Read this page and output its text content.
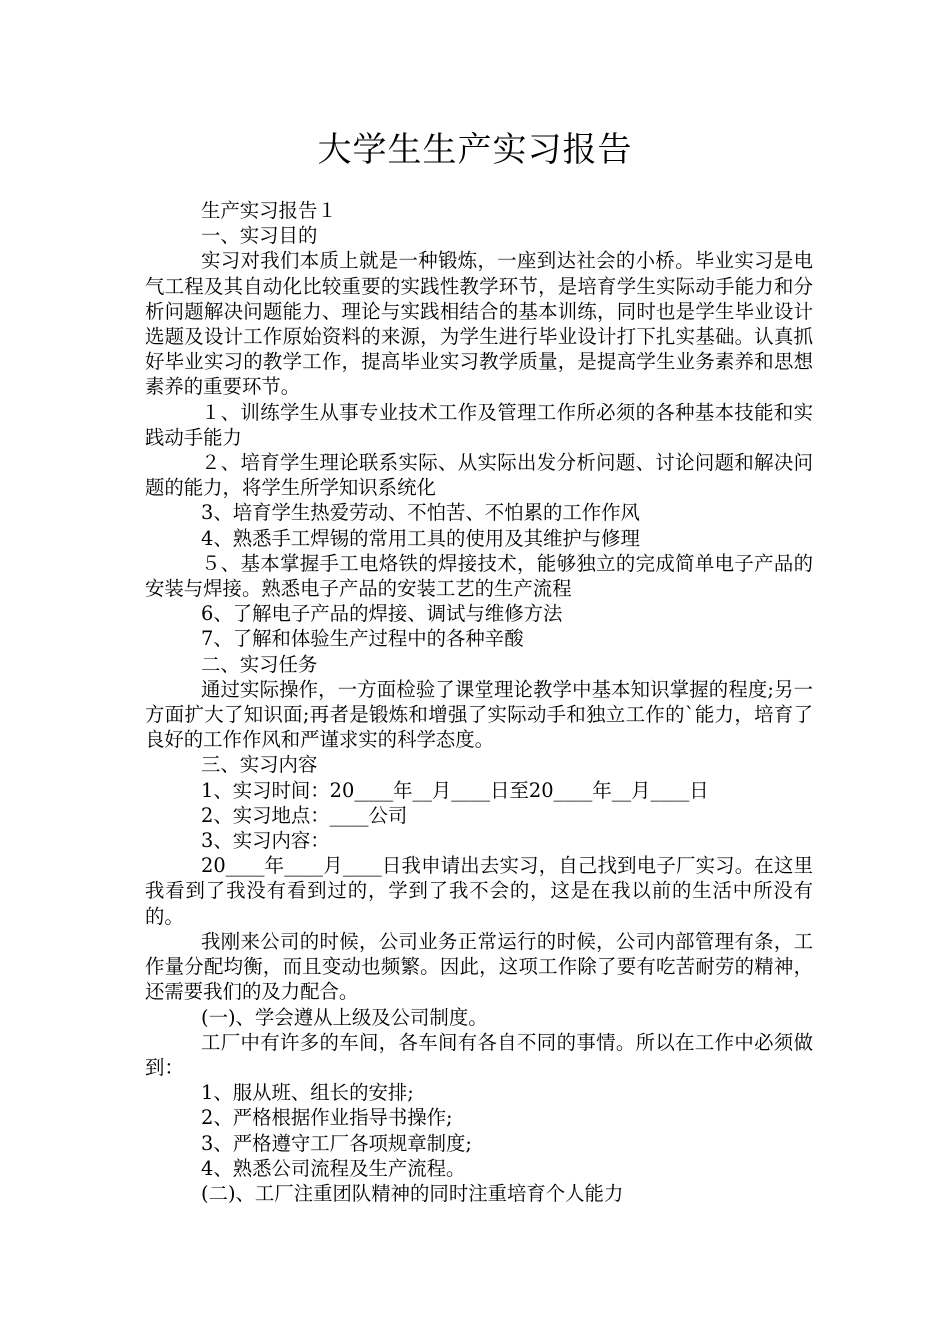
大学生生产实习报告

生产实习报告１

一、实习目的

实习对我们本质上就是一种锻炼，一座到达社会的小桥。毕业实习是电气工程及其自动化比较重要的实践性教学环节，是培育学生实际动手能力和分析问题解决问题能力、理论与实践相结合的基本训练，同时也是学生毕业设计选题及设计工作原始资料的来源，为学生进行毕业设计打下扎实基础。认真抓好毕业实习的教学工作，提高毕业实习教学质量，是提高学生业务素养和思想素养的重要环节。

１、训练学生从事专业技术工作及管理工作所必须的各种基本技能和实践动手能力

２、培育学生理论联系实际、从实际出发分析问题、讨论问题和解决问题的能力，将学生所学知识系统化

3、培育学生热爱劳动、不怕苦、不怕累的工作作风

4、熟悉手工焊锡的常用工具的使用及其维护与修理

５、基本掌握手工电烙铁的焊接技术，能够独立的完成简单电子产品的安装与焊接。熟悉电子产品的安装工艺的生产流程

6、了解电子产品的焊接、调试与维修方法

7、了解和体验生产过程中的各种辛酸

二、实习任务

通过实际操作，一方面检验了课堂理论教学中基本知识掌握的程度;另一方面扩大了知识面;再者是锻炼和增强了实际动手和独立工作的`能力，培育了良好的工作作风和严谨求实的科学态度。

三、实习内容

1、实习时间：20____年__月____日至20____年__月____日

2、实习地点：____公司

3、实习内容：

20____年____月____日我申请出去实习，自己找到电子厂实习。在这里我看到了我没有看到过的，学到了我不会的，这是在我以前的生活中所没有的。

我刚来公司的时候，公司业务正常运行的时候，公司内部管理有条，工作量分配均衡，而且变动也频繁。因此，这项工作除了要有吃苦耐劳的精神，还需要我们的及力配合。

(一)、学会遵从上级及公司制度。

工厂中有许多的车间，各车间有各自不同的事情。所以在工作中必须做到：

1、服从班、组长的安排;

2、严格根据作业指导书操作;

3、严格遵守工厂各项规章制度;

4、熟悉公司流程及生产流程。

(二)、工厂注重团队精神的同时注重培育个人能力
